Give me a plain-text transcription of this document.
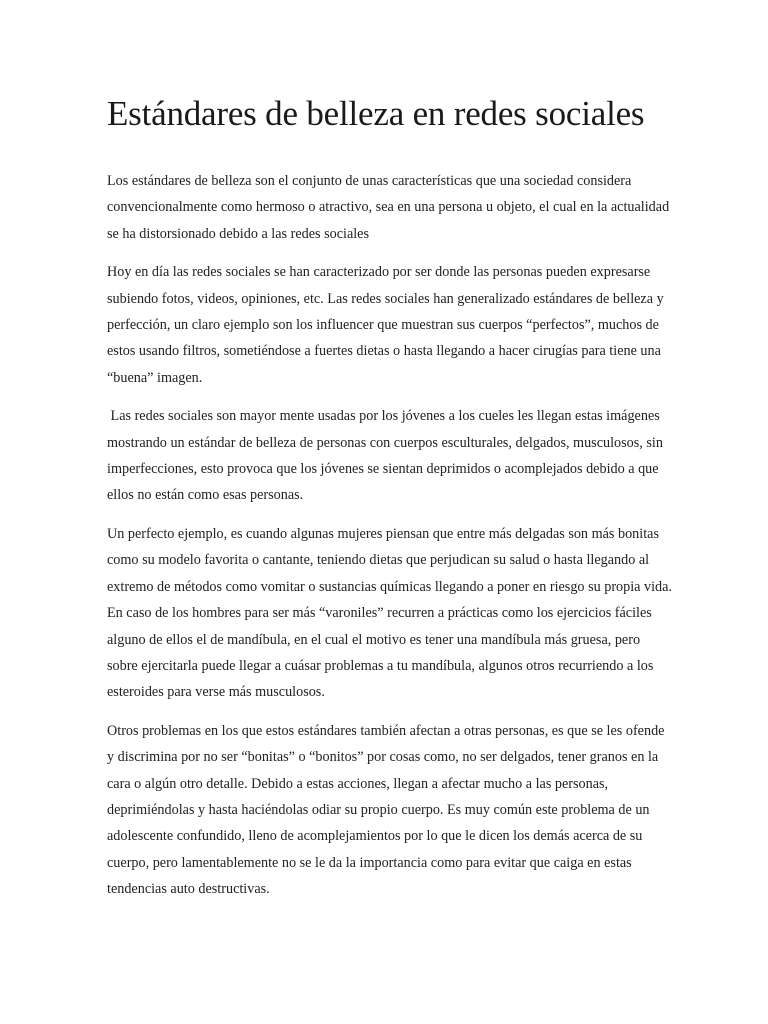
Estándares de belleza en redes sociales

Los estándares de belleza son el conjunto de unas características que una sociedad considera convencionalmente como hermoso o atractivo, sea en una persona u objeto, el cual en la actualidad se ha distorsionado debido a las redes sociales

Hoy en día las redes sociales se han caracterizado por ser donde las personas pueden expresarse subiendo fotos, videos, opiniones, etc. Las redes sociales han generalizado estándares de belleza y perfección, un claro ejemplo son los influencer que muestran sus cuerpos “perfectos”, muchos de estos usando filtros, sometiéndose a fuertes dietas o hasta llegando a hacer cirugías para tiene una “buena” imagen.

Las redes sociales son mayor mente usadas por los jóvenes a los cueles les llegan estas imágenes mostrando un estándar de belleza de personas con cuerpos esculturales, delgados, musculosos, sin imperfecciones, esto provoca que los jóvenes se sientan deprimidos o acomplejados debido a que ellos no están como esas personas.

Un perfecto ejemplo, es cuando algunas mujeres piensan que entre más delgadas son más bonitas como su modelo favorita o cantante, teniendo dietas que perjudican su salud o hasta llegando al extremo de métodos como vomitar o sustancias químicas llegando a poner en riesgo su propia vida. En caso de los hombres para ser más “varoniles” recurren a prácticas como los ejercicios fáciles alguno de ellos el de mandíbula, en el cual el motivo es tener una mandíbula más gruesa, pero sobre ejercitarla puede llegar a cuásar problemas a tu mandíbula, algunos otros recurriendo a los esteroides para verse más musculosos.

Otros problemas en los que estos estándares también afectan a otras personas, es que se les ofende y discrimina por no ser “bonitas” o “bonitos” por cosas como, no ser delgados, tener granos en la cara o algún otro detalle. Debido a estas acciones, llegan a afectar mucho a las personas, deprimiéndolas y hasta haciéndolas odiar su propio cuerpo. Es muy común este problema de un adolescente confundido, lleno de acomplejamientos por lo que le dicen los demás acerca de su cuerpo, pero lamentablemente no se le da la importancia como para evitar que caiga en estas tendencias auto destructivas.
